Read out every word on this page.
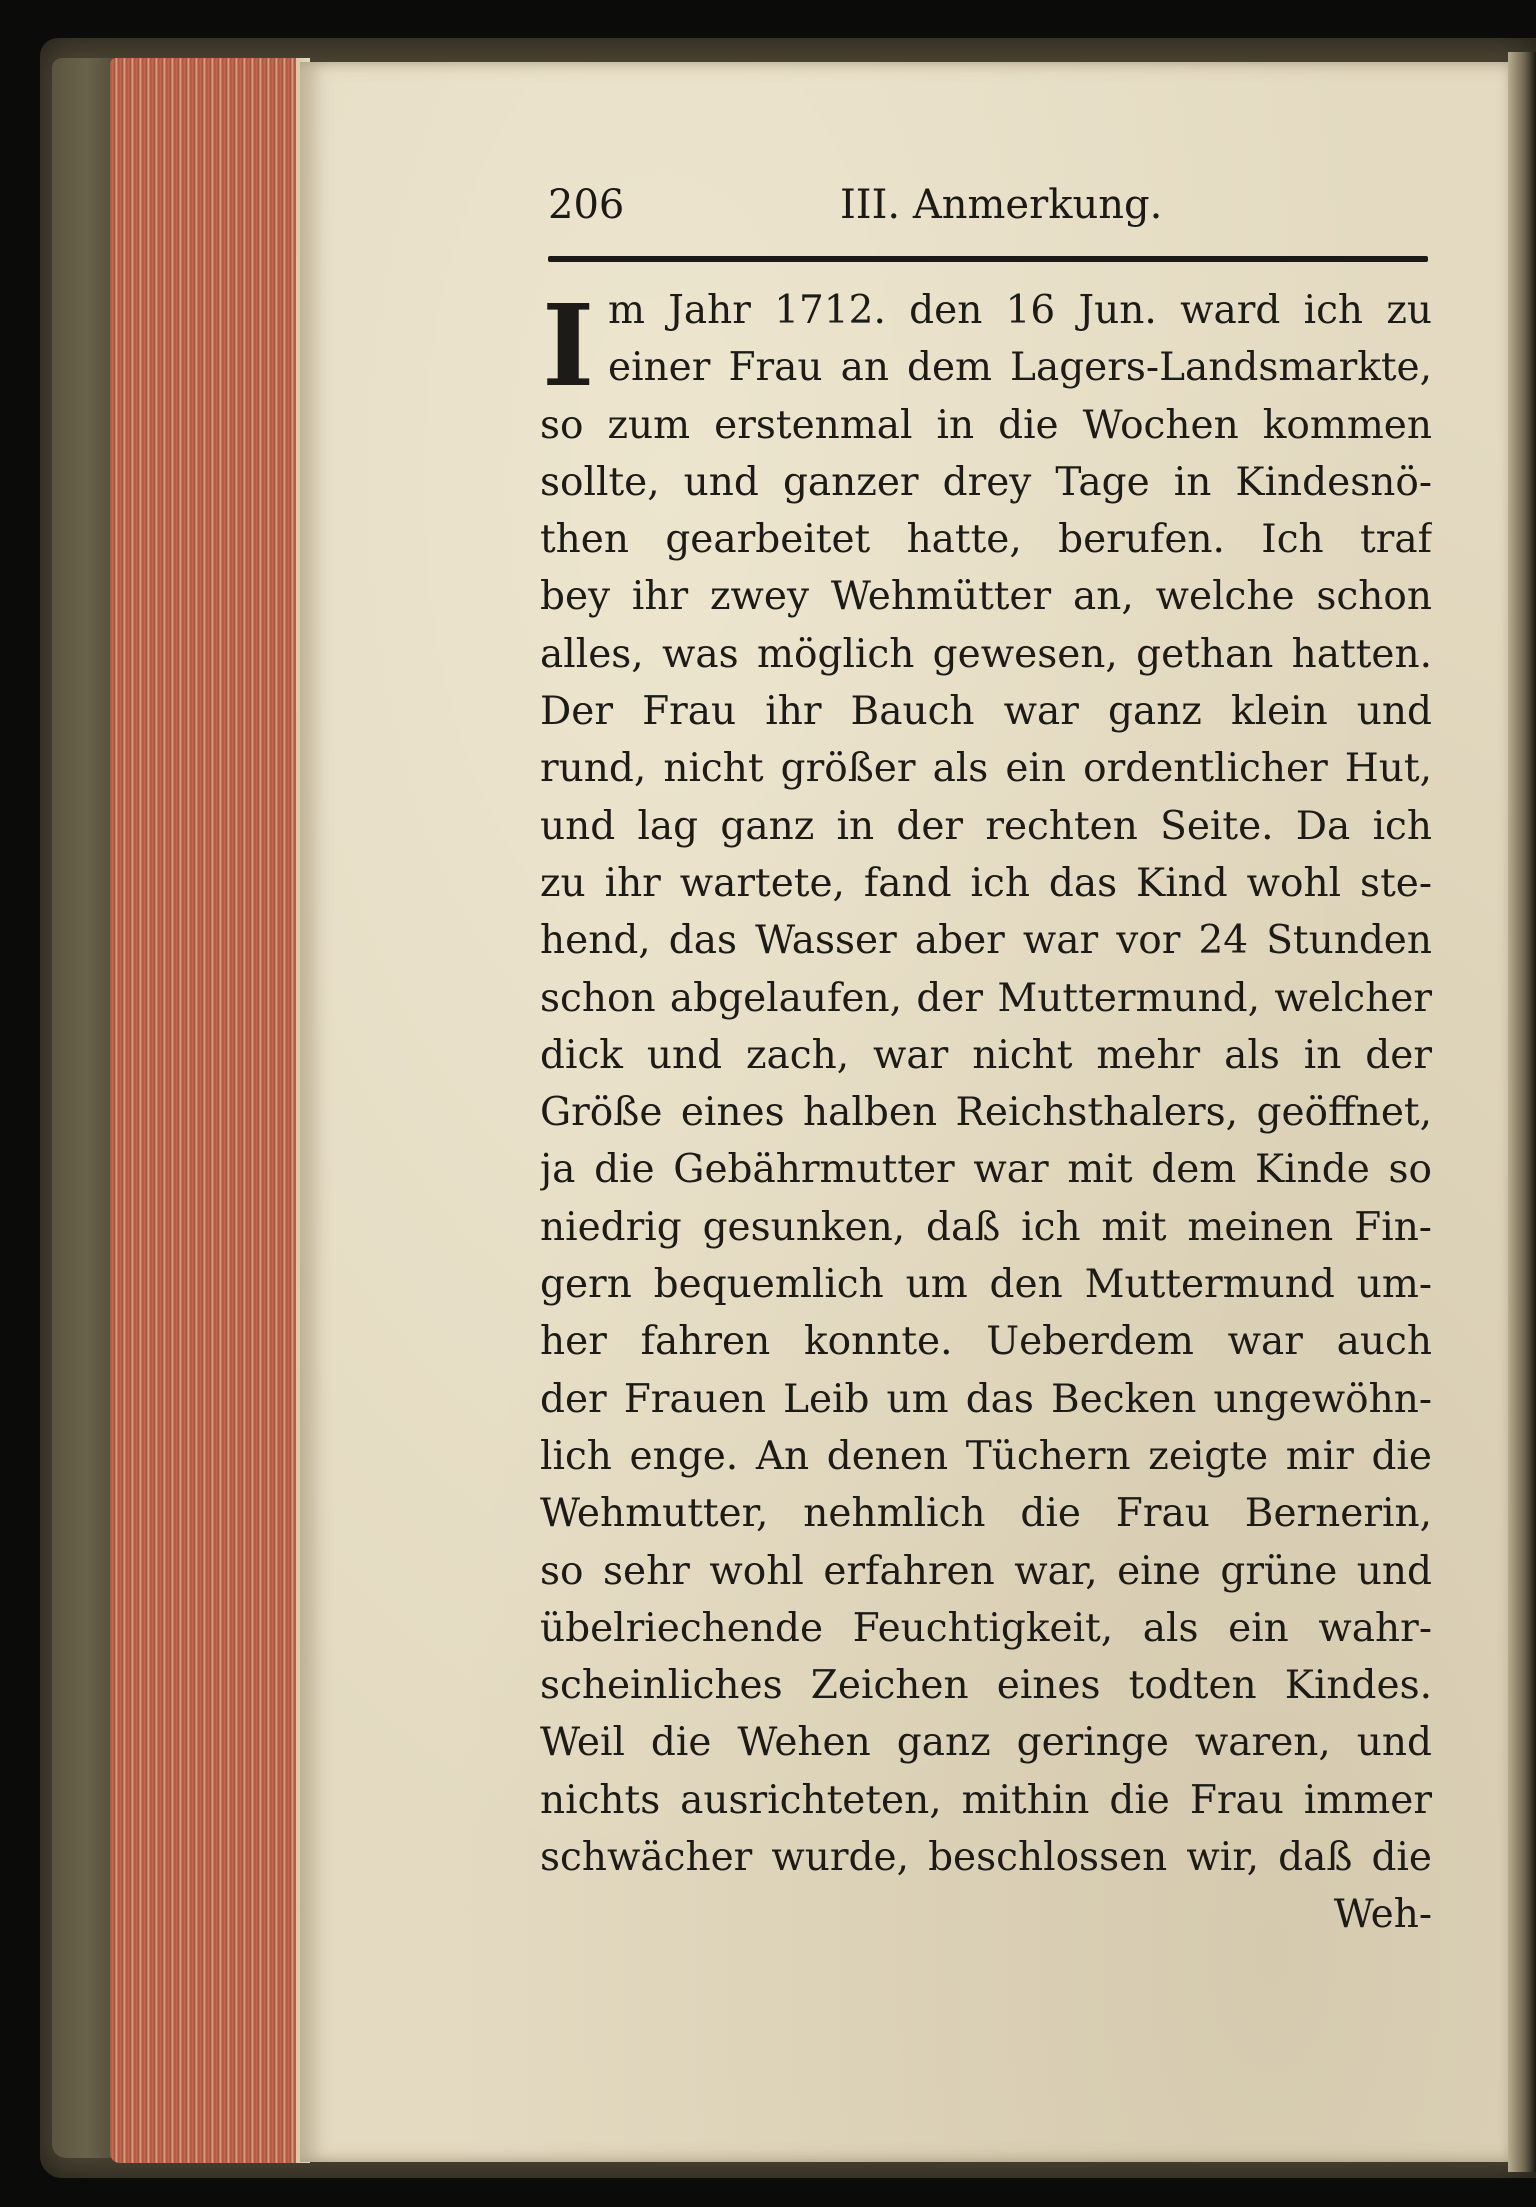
206	III. Anmerkung.
I m Jahr 1712. den 16 Jun. ward ich zu
einer Frau an dem Lagers-Landsmarkte,
so zum erstenmal in die Wochen kommen
sollte, und ganzer drey Tage in Kindesnö-
then gearbeitet hatte, berufen. Ich traf
bey ihr zwey Wehmütter an, welche schon
alles, was möglich gewesen, gethan hatten.
Der Frau ihr Bauch war ganz klein und
rund, nicht größer als ein ordentlicher Hut,
und lag ganz in der rechten Seite. Da ich
zu ihr wartete, fand ich das Kind wohl ste-
hend, das Wasser aber war vor 24 Stunden
schon abgelaufen, der Muttermund, welcher
dick und zach, war nicht mehr als in der
Größe eines halben Reichsthalers, geöffnet,
ja die Gebährmutter war mit dem Kinde so
niedrig gesunken, daß ich mit meinen Fin-
gern bequemlich um den Muttermund um-
her fahren konnte. Ueberdem war auch
der Frauen Leib um das Becken ungewöhn-
lich enge. An denen Tüchern zeigte mir die
Wehmutter, nehmlich die Frau Bernerin,
so sehr wohl erfahren war, eine grüne und
übelriechende Feuchtigkeit, als ein wahr-
scheinliches Zeichen eines todten Kindes.
Weil die Wehen ganz geringe waren, und
nichts ausrichteten, mithin die Frau immer
schwächer wurde, beschlossen wir, daß die
Weh-
